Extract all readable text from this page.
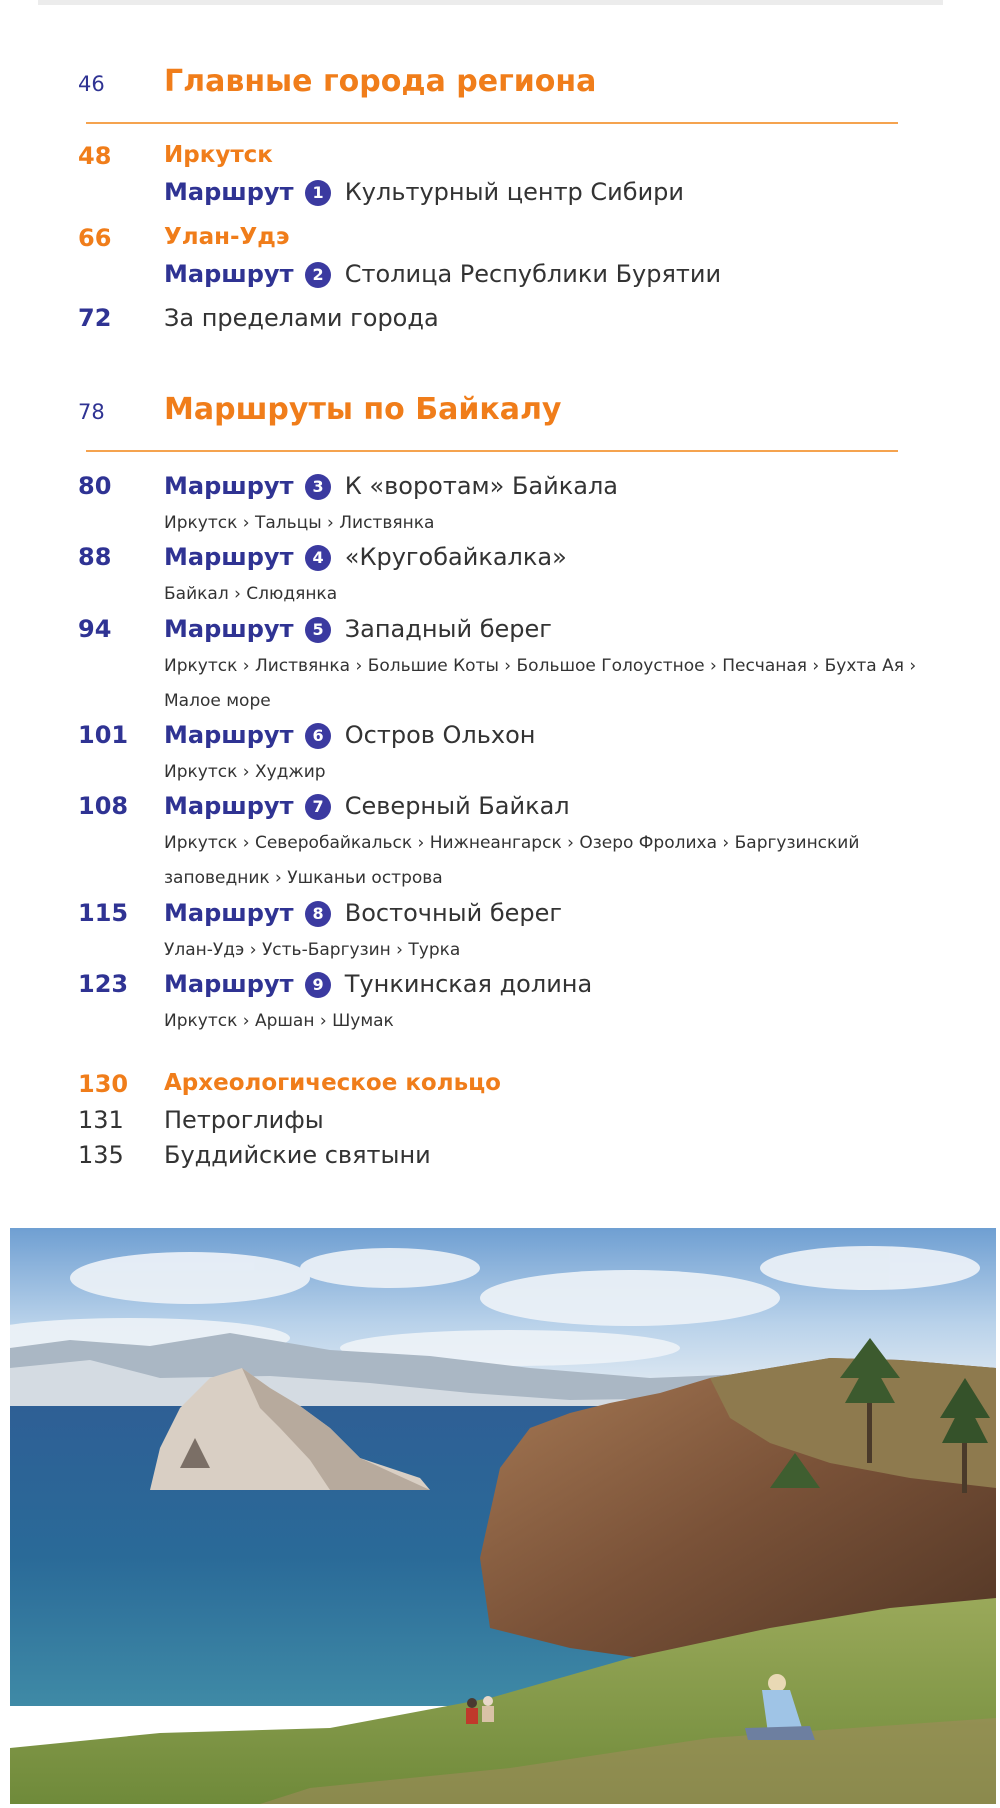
46	Главные города региона
48	Иркутск
Маршрут 1 Культурный центр Сибири
66	Улан-Удэ
Маршрут 2 Столица Республики Бурятии
72	За пределами города
78	Маршруты по Байкалу
80	Маршрут 3 К «воротам» Байкала
Иркутск › Тальцы › Листвянка
88	Маршрут 4 «Кругобайкалка»
Байкал › Слюдянка
94	Маршрут 5 Западный берег
Иркутск › Листвянка › Большие Коты › Большое Голоустное › Песчаная › Бухта Ая ›
Малое море
101	Маршрут 6 Остров Ольхон
Иркутск › Худжир
108	Маршрут 7 Северный Байкал
Иркутск › Северобайкальск › Нижнеангарск › Озеро Фролиха › Баргузинский
заповедник › Ушканьи острова
115	Маршрут 8 Восточный берег
Улан-Удэ › Усть-Баргузин › Турка
123	Маршрут 9 Тункинская долина
Иркутск › Аршан › Шумак
130	Археологическое кольцо
131	Петроглифы
135	Буддийские святыни
